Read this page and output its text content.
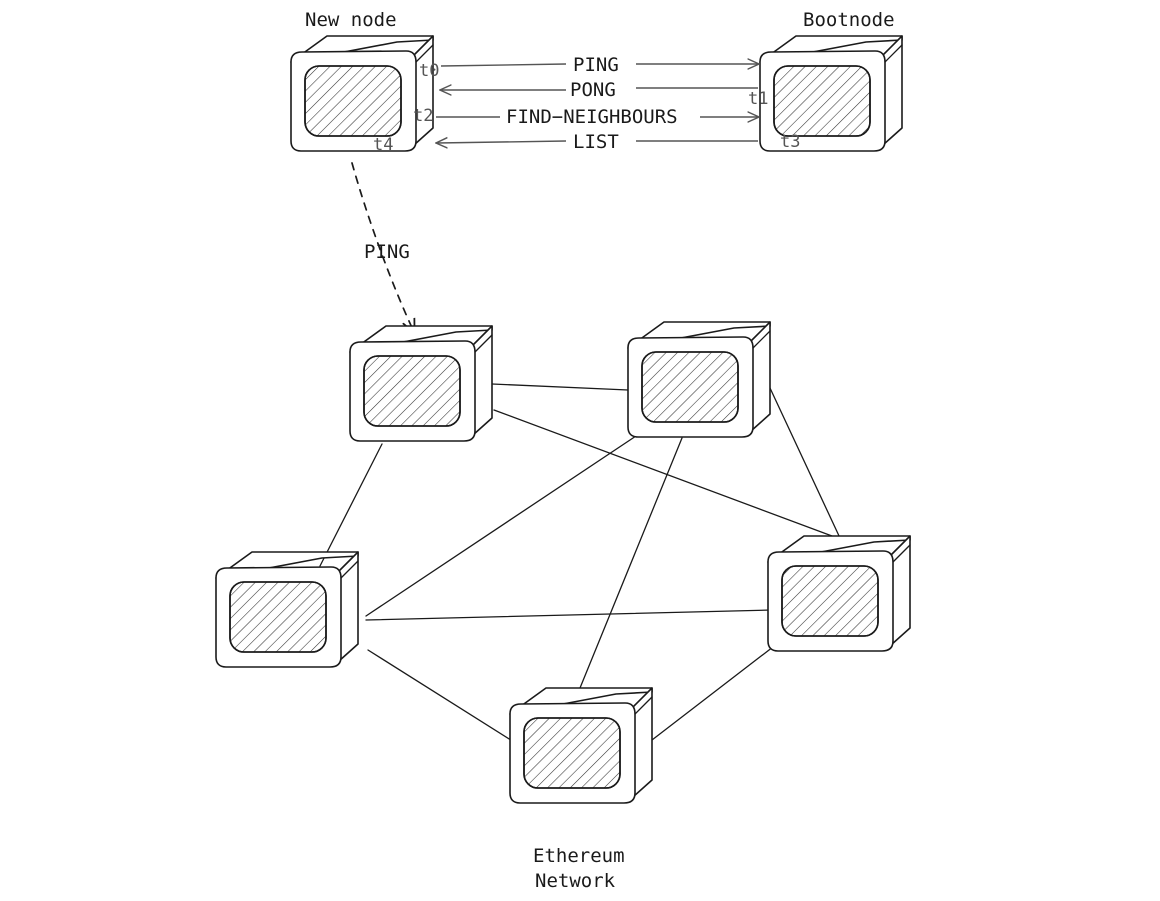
New node	Bootnode
PING
PONG
FIND−NEIGHBOURS
LIST
t0
t1
t2
t3
t4
PING
Ethereum
Network
